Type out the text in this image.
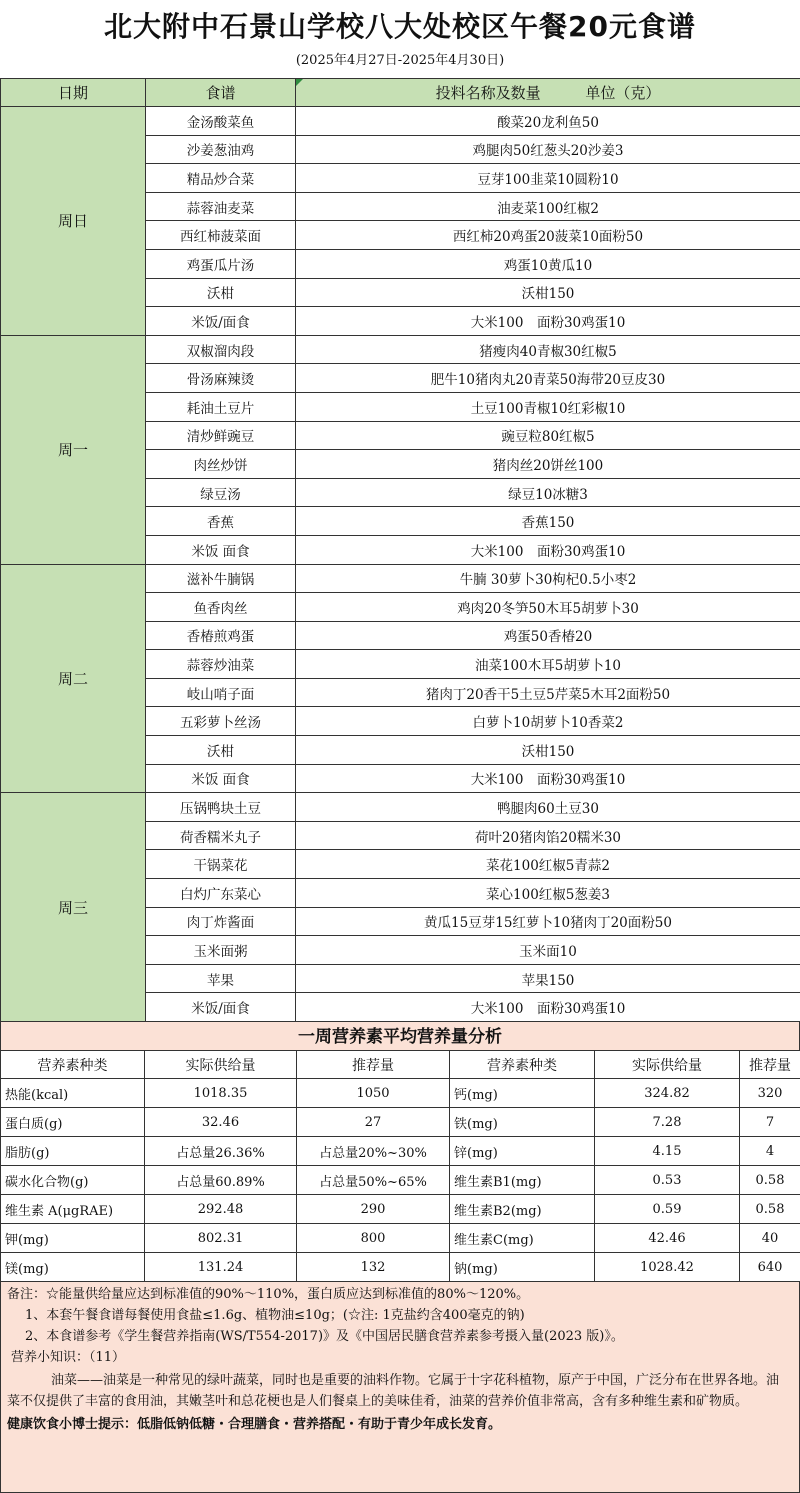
北大附中石景山学校八大处校区午餐20元食谱
(2025年4月27日-2025年4月30日)
日期	食谱	投料名称及数量 单位（克）
周日	金汤酸菜鱼	酸菜20龙利鱼50
	沙姜葱油鸡	鸡腿肉50红葱头20沙姜3
	精品炒合菜	豆芽100韭菜10圆粉10
	蒜蓉油麦菜	油麦菜100红椒2
	西红柿菠菜面	西红柿20鸡蛋20菠菜10面粉50
	鸡蛋瓜片汤	鸡蛋10黄瓜10
	沃柑	沃柑150
	米饭/面食	大米100　面粉30鸡蛋10
周一	双椒溜肉段	猪瘦肉40青椒30红椒5
	骨汤麻辣烫	肥牛10猪肉丸20青菜50海带20豆皮30
	耗油土豆片	土豆100青椒10红彩椒10
	清炒鲜豌豆	豌豆粒80红椒5
	肉丝炒饼	猪肉丝20饼丝100
	绿豆汤	绿豆10冰糖3
	香蕉	香蕉150
	米饭 面食	大米100　面粉30鸡蛋10
周二	滋补牛腩锅	牛腩 30萝卜30枸杞0.5小枣2
	鱼香肉丝	鸡肉20冬笋50木耳5胡萝卜30
	香椿煎鸡蛋	鸡蛋50香椿20
	蒜蓉炒油菜	油菜100木耳5胡萝卜10
	岐山哨子面	猪肉丁20香干5土豆5芹菜5木耳2面粉50
	五彩萝卜丝汤	白萝卜10胡萝卜10香菜2
	沃柑	沃柑150
	米饭 面食	大米100　面粉30鸡蛋10
周三	压锅鸭块土豆	鸭腿肉60土豆30
	荷香糯米丸子	荷叶20猪肉馅20糯米30
	干锅菜花	菜花100红椒5青蒜2
	白灼广东菜心	菜心100红椒5葱姜3
	肉丁炸酱面	黄瓜15豆芽15红萝卜10猪肉丁20面粉50
	玉米面粥	玉米面10
	苹果	苹果150
	米饭/面食	大米100　面粉30鸡蛋10
一周营养素平均营养量分析
营养素种类	实际供给量	推荐量	营养素种类	实际供给量	推荐量
热能(kcal)	1018.35	1050	钙(mg)	324.82	320
蛋白质(g)	32.46	27	铁(mg)	7.28	7
脂肪(g)	占总量26.36%	占总量20%~30%	锌(mg)	4.15	4
碳水化合物(g)	占总量60.89%	占总量50%~65%	维生素B1(mg)	0.53	0.58
维生素 A(μgRAE)	292.48	290	维生素B2(mg)	0.59	0.58
钾(mg)	802.31	800	维生素C(mg)	42.46	40
镁(mg)	131.24	132	钠(mg)	1028.42	640

备注：☆能量供给量应达到标准值的90%～110%，蛋白质应达到标准值的80%～120%。

1、本套午餐食谱每餐使用食盐≤1.6g、植物油≤10g；(☆注: 1克盐约含400毫克的钠)

2、本食谱参考《学生餐营养指南(WS/T554-2017)》及《中国居民膳食营养素参考摄入量(2023 版)》。

营养小知识：（11）

油菜——油菜是一种常见的绿叶蔬菜，同时也是重要的油料作物。它属于十字花科植物，原产于中国，广泛分布在世界各地。油菜不仅提供了丰富的食用油，其嫩茎叶和总花梗也是人们餐桌上的美味佳肴，油菜的营养价值非常高，含有多种维生素和矿物质。

健康饮食小博士提示：低脂低钠低糖・合理膳食・营养搭配・有助于青少年成长发育。
